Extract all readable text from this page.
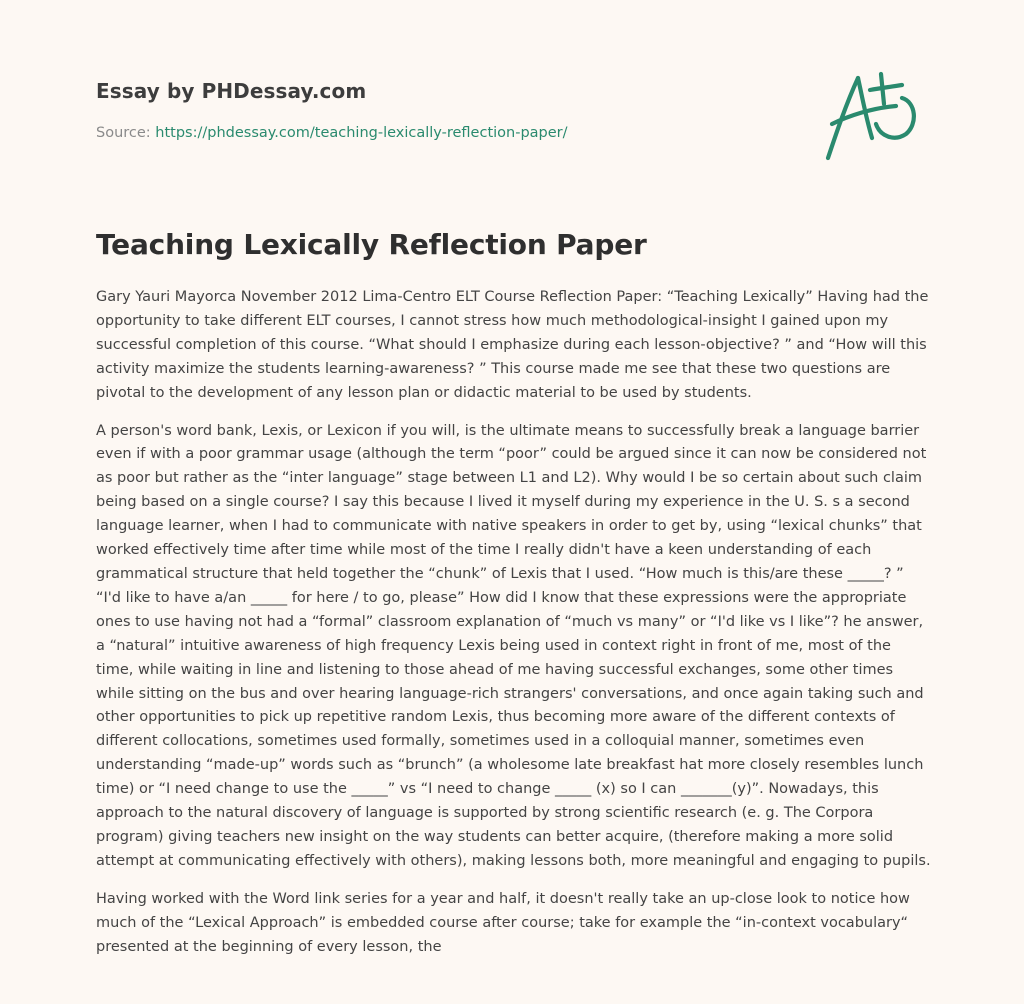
Essay by PHDessay.com
Source: https://phdessay.com/teaching-lexically-reflection-paper/
Teaching Lexically Reflection Paper

Gary Yauri Mayorca November 2012 Lima-Centro ELT Course Reflection Paper: “Teaching Lexically” Having had the opportunity to take different ELT courses, I cannot stress how much methodological-insight I gained upon my successful completion of this course. “What should I emphasize during each lesson-objective? ” and “How will this activity maximize the students learning-awareness? ” This course made me see that these two questions are pivotal to the development of any lesson plan or didactic material to be used by students.

A person's word bank, Lexis, or Lexicon if you will, is the ultimate means to successfully break a language barrier even if with a poor grammar usage (although the term “poor” could be argued since it can now be considered not as poor but rather as the “inter language” stage between L1 and L2). Why would I be so certain about such claim being based on a single course? I say this because I lived it myself during my experience in the U. S. s a second language learner, when I had to communicate with native speakers in order to get by, using “lexical chunks” that worked effectively time after time while most of the time I really didn't have a keen understanding of each grammatical structure that held together the “chunk” of Lexis that I used. “How much is this/are these _____? ” “I'd like to have a/an _____ for here / to go, please” How did I know that these expressions were the appropriate ones to use having not had a “formal” classroom explanation of “much vs many” or “I'd like vs I like”? he answer, a “natural” intuitive awareness of high frequency Lexis being used in context right in front of me, most of the time, while waiting in line and listening to those ahead of me having successful exchanges, some other times while sitting on the bus and over hearing language-rich strangers' conversations, and once again taking such and other opportunities to pick up repetitive random Lexis, thus becoming more aware of the different contexts of different collocations, sometimes used formally, sometimes used in a colloquial manner, sometimes even understanding “made-up” words such as “brunch” (a wholesome late breakfast hat more closely resembles lunch time) or “I need change to use the _____” vs “I need to change _____ (x) so I can _______(y)”. Nowadays, this approach to the natural discovery of language is supported by strong scientific research (e. g. The Corpora program) giving teachers new insight on the way students can better acquire, (therefore making a more solid attempt at communicating effectively with others), making lessons both, more meaningful and engaging to pupils.

Having worked with the Word link series for a year and half, it doesn't really take an up-close look to notice how much of the “Lexical Approach” is embedded course after course; take for example the “in-context vocabulary“ presented at the beginning of every lesson, the
